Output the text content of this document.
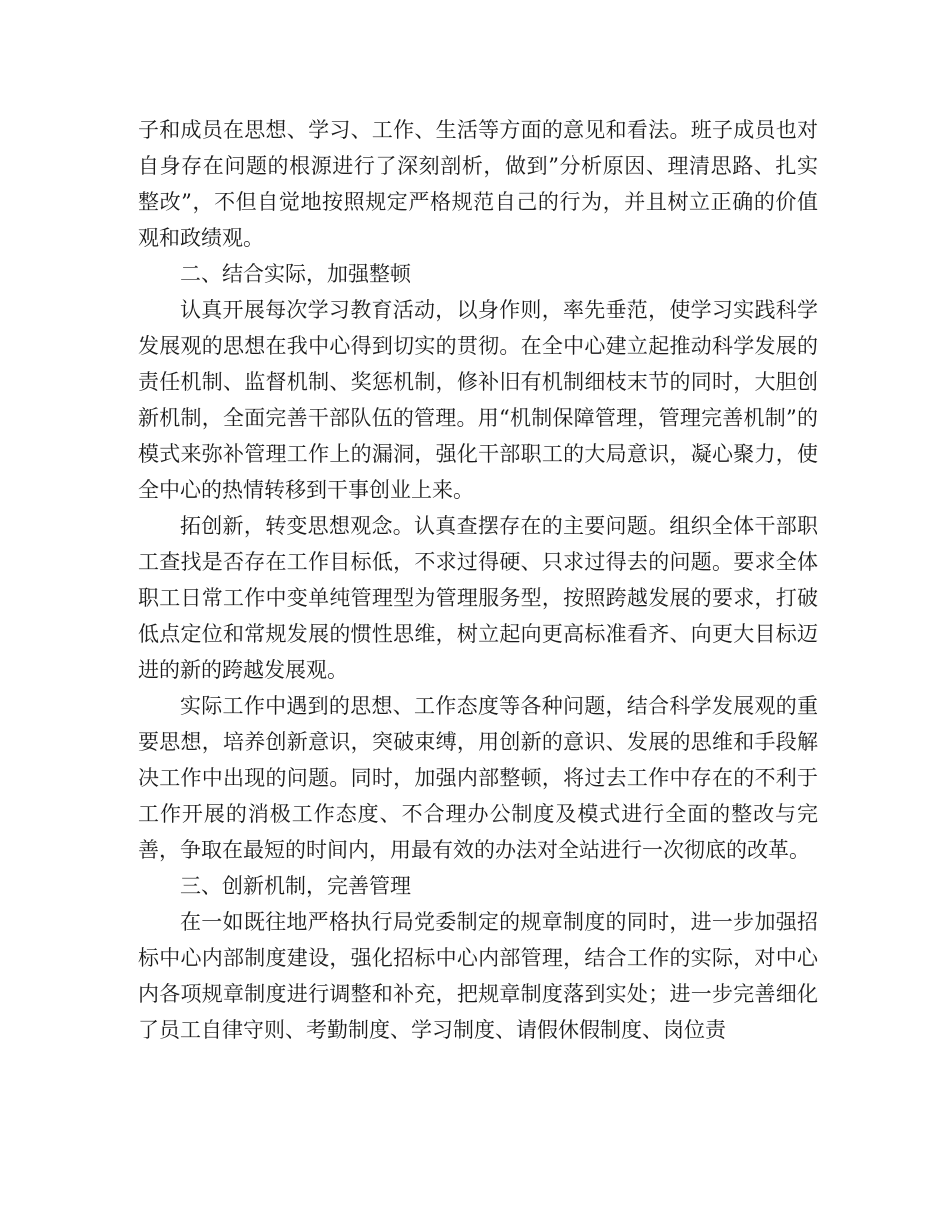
子和成员在思想、学习、工作、生活等方面的意见和看法。班子成员也对自身存在问题的根源进行了深刻剖析，做到”分析原因、理清思路、扎实整改”，不但自觉地按照规定严格规范自己的行为，并且树立正确的价值观和政绩观。

二、结合实际，加强整顿

认真开展每次学习教育活动，以身作则，率先垂范，使学习实践科学发展观的思想在我中心得到切实的贯彻。在全中心建立起推动科学发展的责任机制、监督机制、奖惩机制，修补旧有机制细枝末节的同时，大胆创新机制，全面完善干部队伍的管理。用“机制保障管理，管理完善机制”的模式来弥补管理工作上的漏洞，强化干部职工的大局意识，凝心聚力，使全中心的热情转移到干事创业上来。

拓创新，转变思想观念。认真查摆存在的主要问题。组织全体干部职工查找是否存在工作目标低，不求过得硬、只求过得去的问题。要求全体职工日常工作中变单纯管理型为管理服务型，按照跨越发展的要求，打破低点定位和常规发展的惯性思维，树立起向更高标准看齐、向更大目标迈进的新的跨越发展观。

实际工作中遇到的思想、工作态度等各种问题，结合科学发展观的重要思想，培养创新意识，突破束缚，用创新的意识、发展的思维和手段解决工作中出现的问题。同时，加强内部整顿，将过去工作中存在的不利于工作开展的消极工作态度、不合理办公制度及模式进行全面的整改与完善，争取在最短的时间内，用最有效的办法对全站进行一次彻底的改革。

三、创新机制，完善管理

在一如既往地严格执行局党委制定的规章制度的同时，进一步加强招标中心内部制度建设，强化招标中心内部管理，结合工作的实际，对中心内各项规章制度进行调整和补充，把规章制度落到实处；进一步完善细化了员工自律守则、考勤制度、学习制度、请假休假制度、岗位责
